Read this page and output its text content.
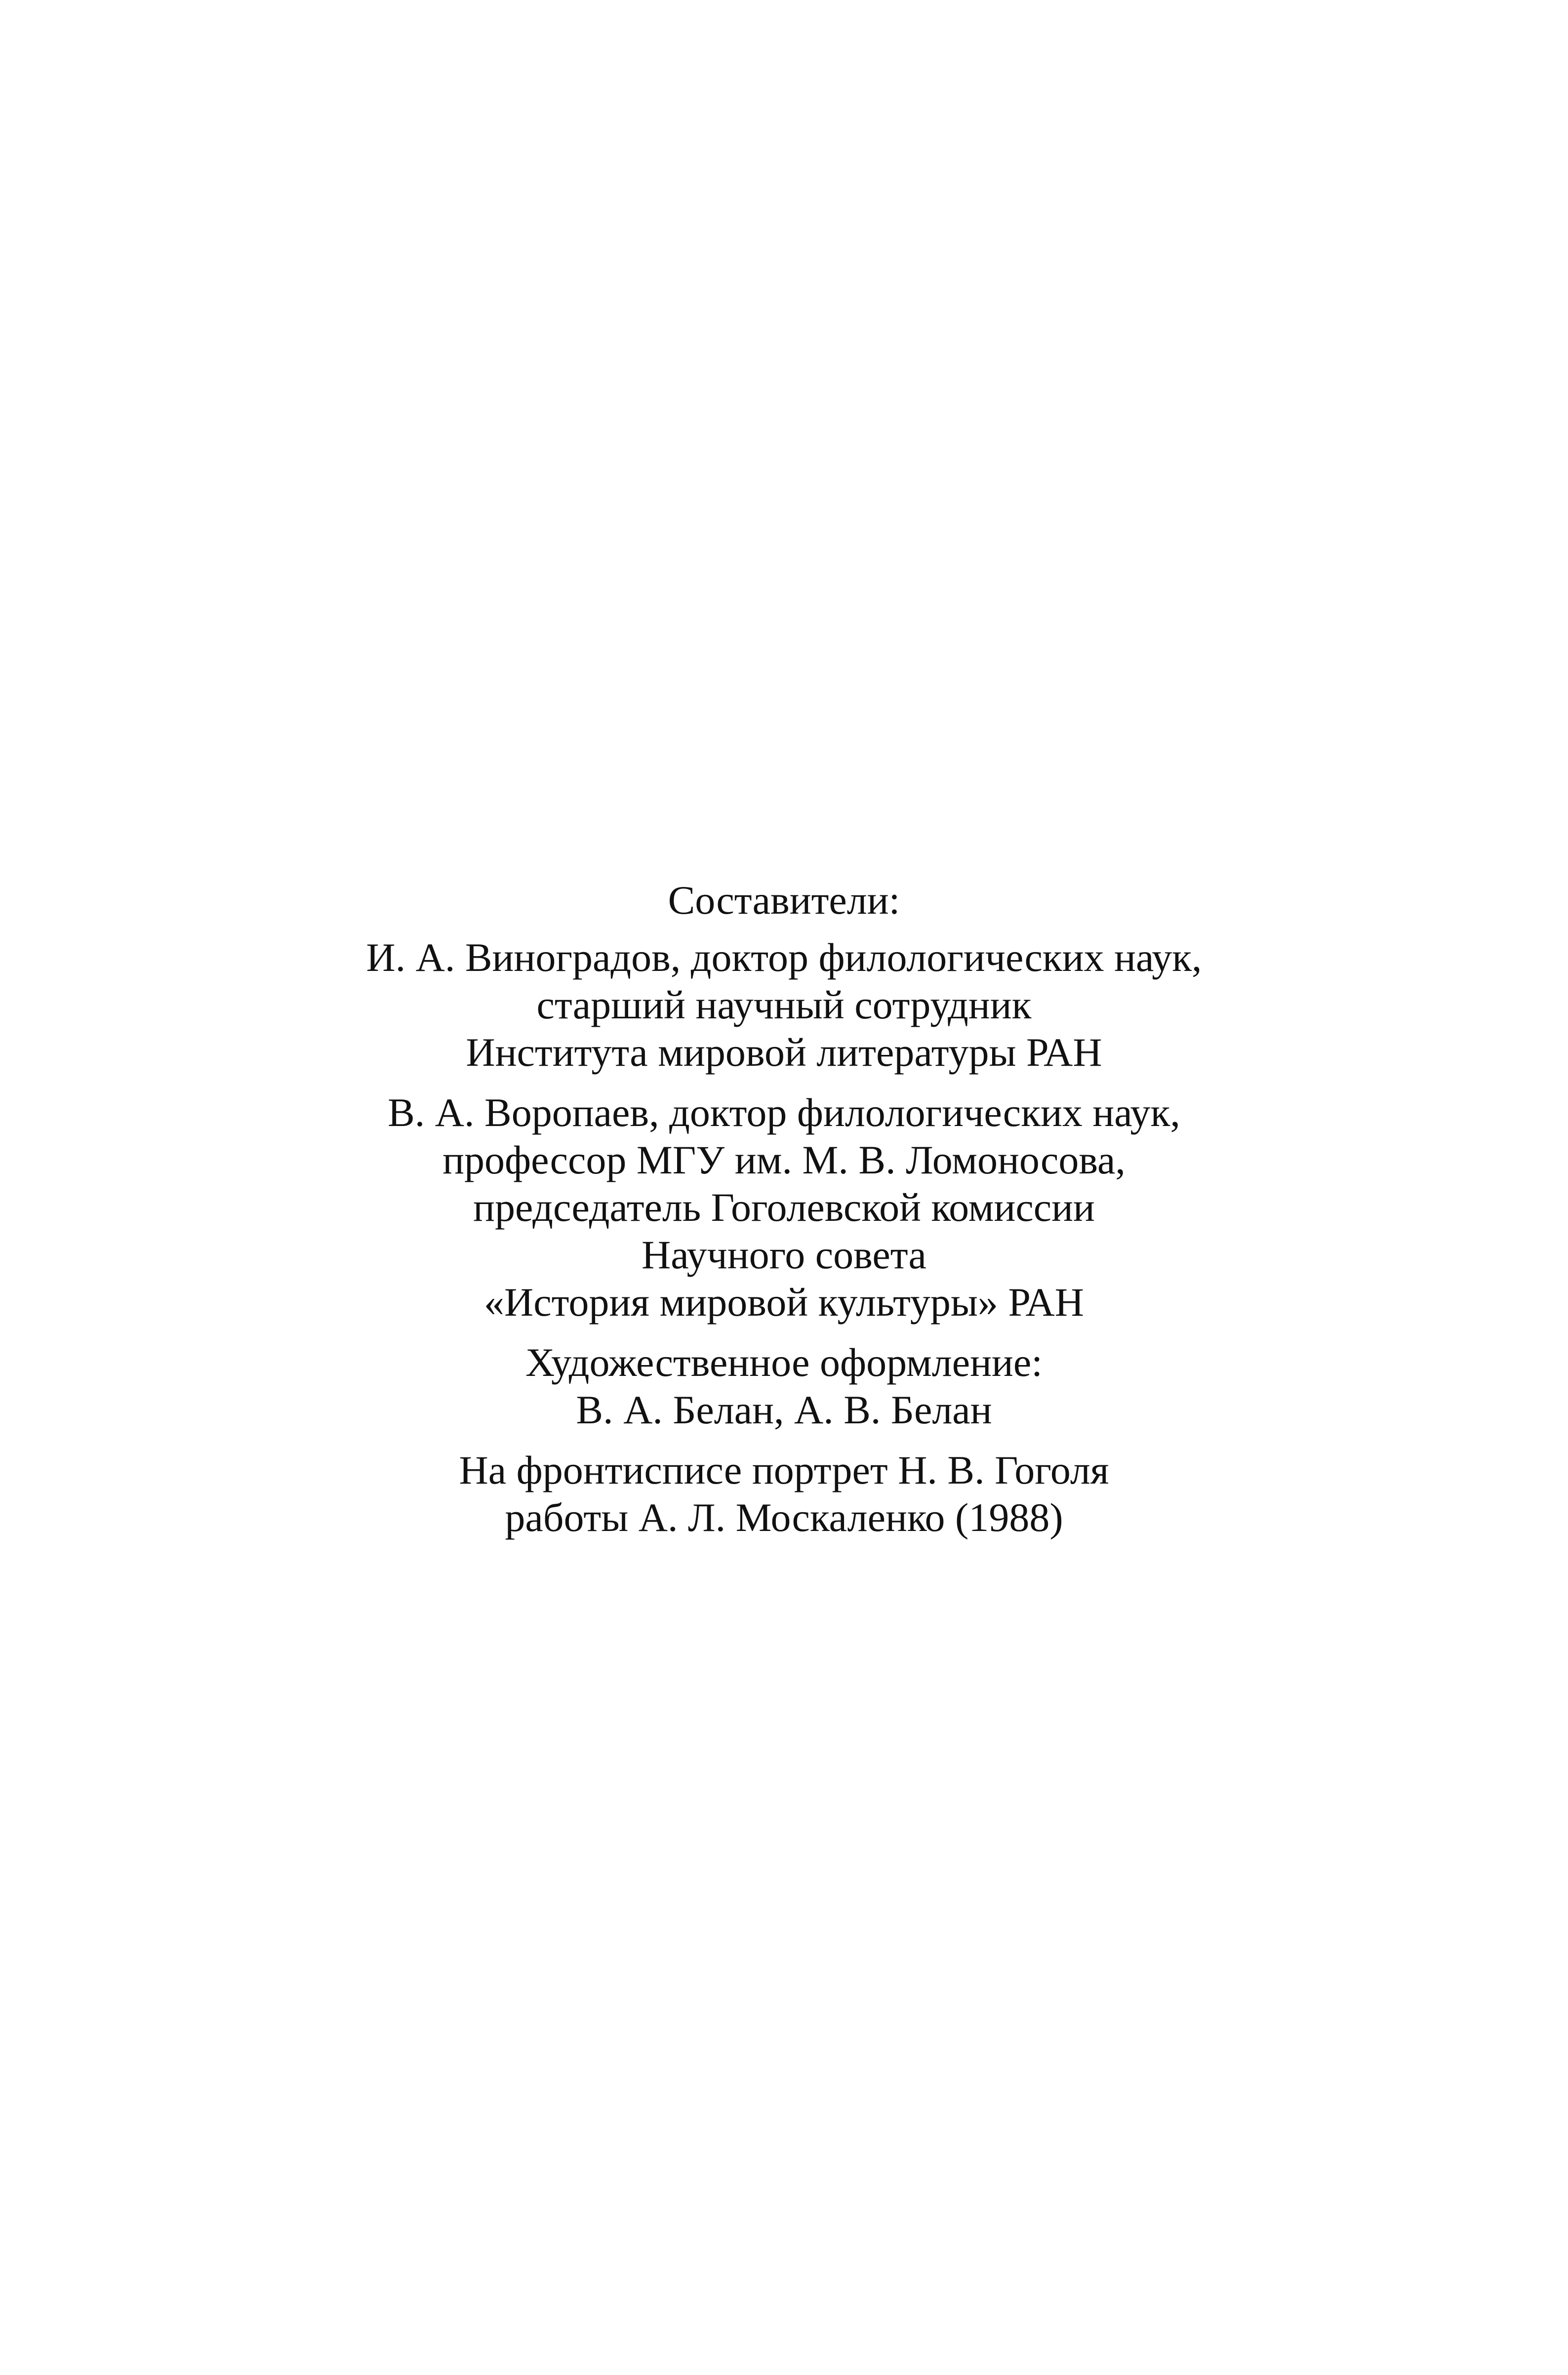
Составители:
И. А. Виноградов, доктор филологических наук,
старший научный сотрудник
Института мировой литературы РАН
В. А. Воропаев, доктор филологических наук,
профессор МГУ им. М. В. Ломоносова,
председатель Гоголевской комиссии
Научного совета
«История мировой культуры» РАН
Художественное оформление:
В. А. Белан, А. В. Белан
На фронтисписе портрет Н. В. Гоголя
работы А. Л. Москаленко (1988)
